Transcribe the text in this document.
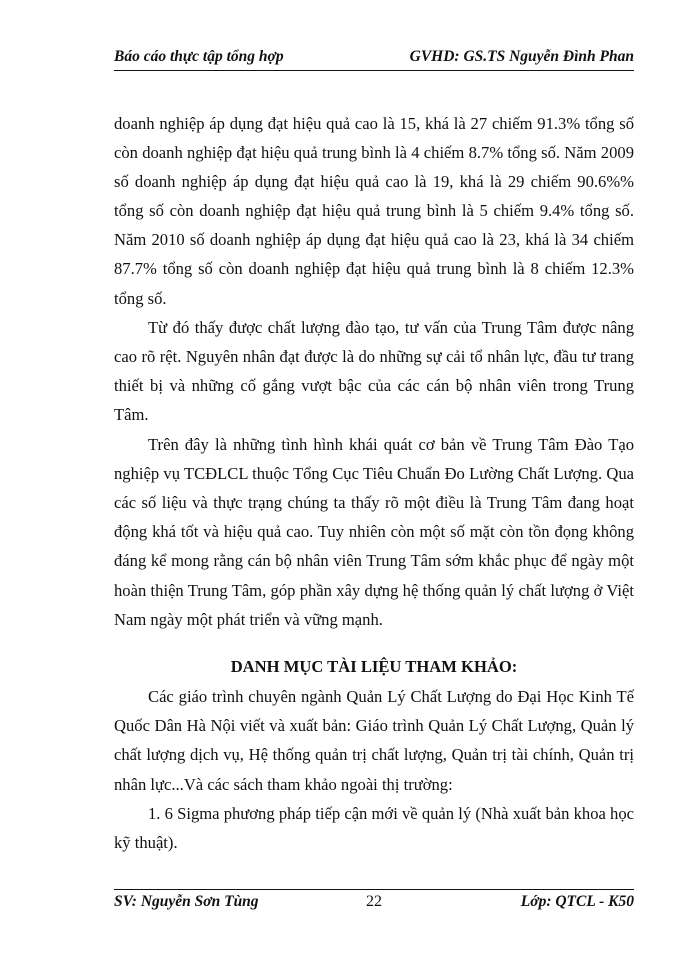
Báo cáo thực tập tổng hợp	GVHD: GS.TS Nguyễn Đình Phan

doanh nghiệp áp dụng đạt hiệu quả cao là 15, khá là 27 chiếm 91.3% tổng số còn doanh nghiệp đạt hiệu quả trung bình là 4 chiếm 8.7% tổng số. Năm 2009 số doanh nghiệp áp dụng đạt hiệu quả cao là 19, khá là 29 chiếm 90.6%% tổng số còn doanh nghiệp đạt hiệu quả trung bình là 5 chiếm 9.4% tổng số. Năm 2010 số doanh nghiệp áp dụng đạt hiệu quả cao là 23, khá là 34 chiếm 87.7% tổng số còn doanh nghiệp đạt hiệu quả trung bình là 8 chiếm 12.3% tổng số.

Từ đó thấy được chất lượng đào tạo, tư vấn của Trung Tâm được nâng cao rõ rệt. Nguyên nhân đạt được là do những sự cải tổ nhân lực, đầu tư trang thiết bị và những cố gắng vượt bậc của các cán bộ nhân viên trong Trung Tâm.

Trên đây là những tình hình khái quát cơ bản về Trung Tâm Đào Tạo nghiệp vụ TCĐLCL thuộc Tổng Cục Tiêu Chuẩn Đo Lường Chất Lượng. Qua các số liệu và thực trạng chúng ta thấy rõ một điều là Trung Tâm đang hoạt động khá tốt và hiệu quả cao. Tuy nhiên còn một số mặt còn tồn đọng không đáng kể mong rằng cán bộ nhân viên Trung Tâm sớm khắc phục để ngày một hoàn thiện Trung Tâm, góp phần xây dựng hệ thống quản lý chất lượng ở Việt Nam ngày một phát triển và vững mạnh.

DANH MỤC TÀI LIỆU THAM KHẢO:

Các giáo trình chuyên ngành Quản Lý Chất Lượng do Đại Học Kinh Tế Quốc Dân Hà Nội viết và xuất bản: Giáo trình Quản Lý Chất Lượng, Quản lý chất lượng dịch vụ, Hệ thống quản trị chất lượng, Quản trị tài chính, Quản trị nhân lực...Và các sách tham khảo ngoài thị trường:

1. 6 Sigma phương pháp tiếp cận mới về quản lý (Nhà xuất bản khoa học kỹ thuật).

SV: Nguyễn Sơn Tùng	22	Lớp: QTCL - K50
